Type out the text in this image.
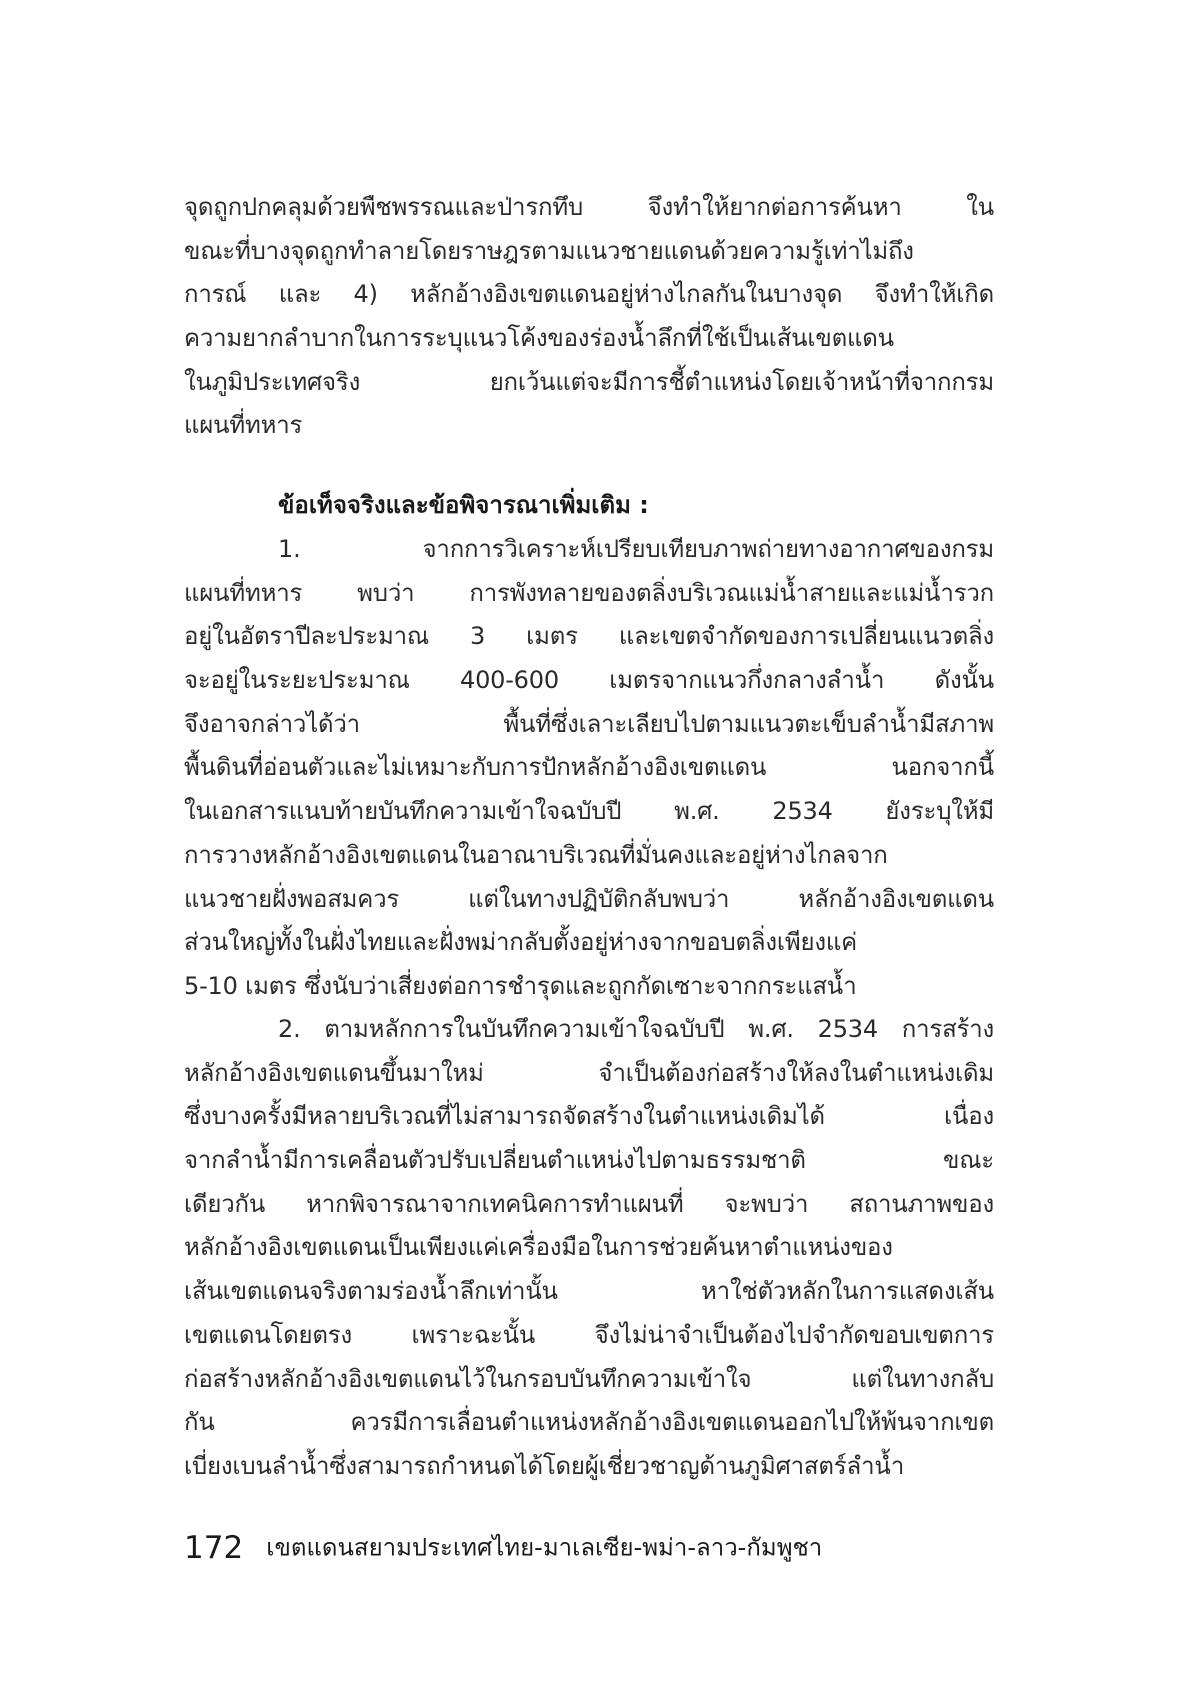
จุดถูกปกคลุมด้วยพืชพรรณและป่ารกทึบ จึงทำให้ยากต่อการค้นหา ใน
ขณะที่บางจุดถูกทำลายโดยราษฎรตามแนวชายแดนด้วยความรู้เท่าไม่ถึง
การณ์ และ 4) หลักอ้างอิงเขตแดนอยู่ห่างไกลกันในบางจุด จึงทำให้เกิด
ความยากลำบากในการระบุแนวโค้งของร่องน้ำลึกที่ใช้เป็นเส้นเขตแดน
ในภูมิประเทศจริง ยกเว้นแต่จะมีการชี้ตำแหน่งโดยเจ้าหน้าที่จากกรม
แผนที่ทหาร
ข้อเท็จจริงและข้อพิจารณาเพิ่มเติม :
1. จากการวิเคราะห์เปรียบเทียบภาพถ่ายทางอากาศของกรม
แผนที่ทหาร พบว่า การพังทลายของตลิ่งบริเวณแม่น้ำสายและแม่น้ำรวก
อยู่ในอัตราปีละประมาณ 3 เมตร และเขตจำกัดของการเปลี่ยนแนวตลิ่ง
จะอยู่ในระยะประมาณ 400-600 เมตรจากแนวกึ่งกลางลำน้ำ ดังนั้น
จึงอาจกล่าวได้ว่า พื้นที่ซึ่งเลาะเลียบไปตามแนวตะเข็บลำน้ำมีสภาพ
พื้นดินที่อ่อนตัวและไม่เหมาะกับการปักหลักอ้างอิงเขตแดน นอกจากนี้
ในเอกสารแนบท้ายบันทึกความเข้าใจฉบับปี พ.ศ. 2534 ยังระบุให้มี
การวางหลักอ้างอิงเขตแดนในอาณาบริเวณที่มั่นคงและอยู่ห่างไกลจาก
แนวชายฝั่งพอสมควร แต่ในทางปฏิบัติกลับพบว่า หลักอ้างอิงเขตแดน
ส่วนใหญ่ทั้งในฝั่งไทยและฝั่งพม่ากลับตั้งอยู่ห่างจากขอบตลิ่งเพียงแค่
5-10 เมตร ซึ่งนับว่าเสี่ยงต่อการชำรุดและถูกกัดเซาะจากกระแสน้ำ
2. ตามหลักการในบันทึกความเข้าใจฉบับปี พ.ศ. 2534 การสร้าง
หลักอ้างอิงเขตแดนขึ้นมาใหม่ จำเป็นต้องก่อสร้างให้ลงในตำแหน่งเดิม
ซึ่งบางครั้งมีหลายบริเวณที่ไม่สามารถจัดสร้างในตำแหน่งเดิมได้ เนื่อง
จากลำน้ำมีการเคลื่อนตัวปรับเปลี่ยนตำแหน่งไปตามธรรมชาติ ขณะ
เดียวกัน หากพิจารณาจากเทคนิคการทำแผนที่ จะพบว่า สถานภาพของ
หลักอ้างอิงเขตแดนเป็นเพียงแค่เครื่องมือในการช่วยค้นหาตำแหน่งของ
เส้นเขตแดนจริงตามร่องน้ำลึกเท่านั้น หาใช่ตัวหลักในการแสดงเส้น
เขตแดนโดยตรง เพราะฉะนั้น จึงไม่น่าจำเป็นต้องไปจำกัดขอบเขตการ
ก่อสร้างหลักอ้างอิงเขตแดนไว้ในกรอบบันทึกความเข้าใจ แต่ในทางกลับ
กัน ควรมีการเลื่อนตำแหน่งหลักอ้างอิงเขตแดนออกไปให้พ้นจากเขต
เบี่ยงเบนลำน้ำซึ่งสามารถกำหนดได้โดยผู้เชี่ยวชาญด้านภูมิศาสตร์ลำน้ำ
172 เขตแดนสยามประเทศไทย-มาเลเซีย-พม่า-ลาว-กัมพูชา
